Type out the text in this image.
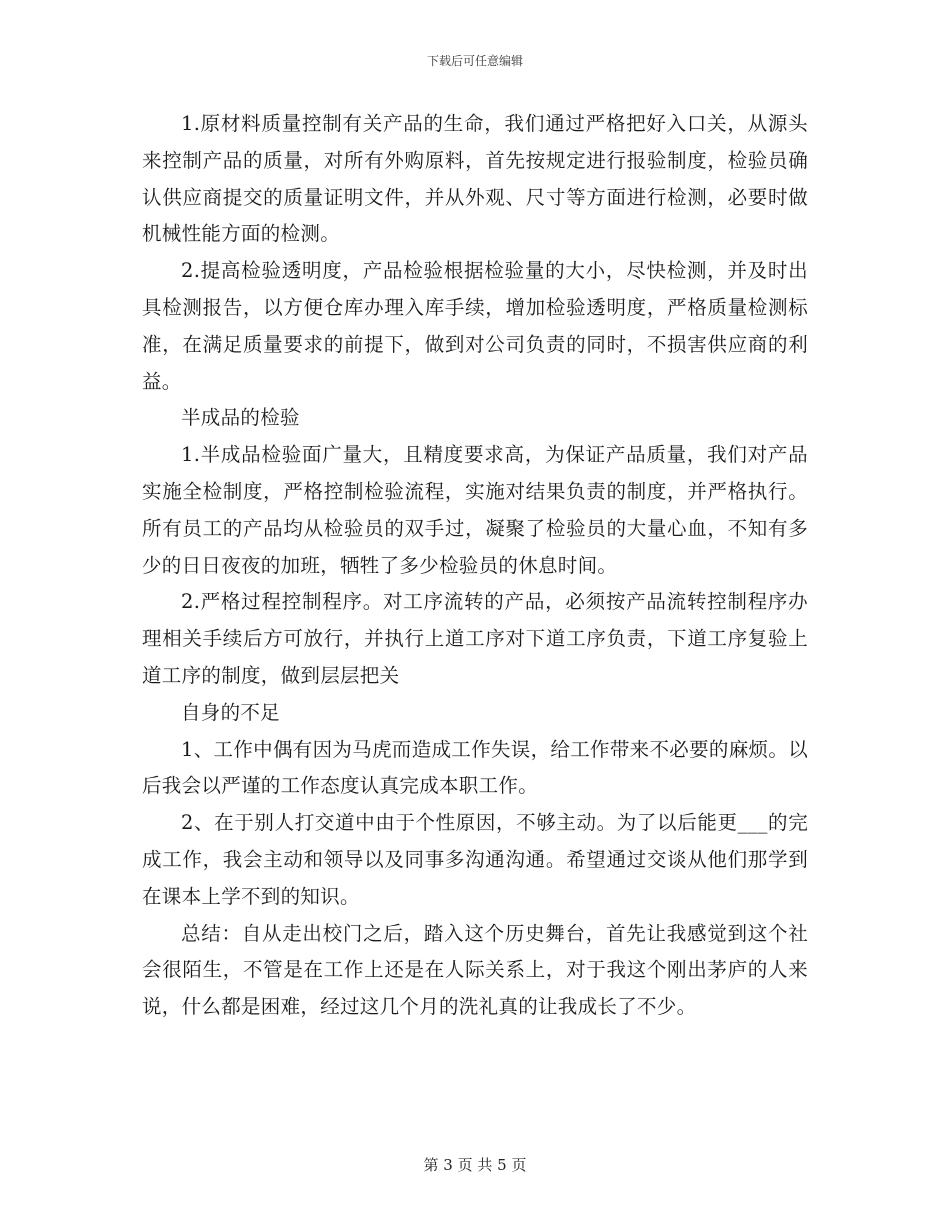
下载后可任意编辑

1.原材料质量控制有关产品的生命，我们通过严格把好入口关，从源头来控制产品的质量，对所有外购原料，首先按规定进行报验制度，检验员确认供应商提交的质量证明文件，并从外观、尺寸等方面进行检测，必要时做机械性能方面的检测。

2.提高检验透明度，产品检验根据检验量的大小，尽快检测，并及时出具检测报告，以方便仓库办理入库手续，增加检验透明度，严格质量检测标准，在满足质量要求的前提下，做到对公司负责的同时，不损害供应商的利益。

半成品的检验

1.半成品检验面广量大，且精度要求高，为保证产品质量，我们对产品实施全检制度，严格控制检验流程，实施对结果负责的制度，并严格执行。所有员工的产品均从检验员的双手过，凝聚了检验员的大量心血，不知有多少的日日夜夜的加班，牺牲了多少检验员的休息时间。

2.严格过程控制程序。对工序流转的产品，必须按产品流转控制程序办理相关手续后方可放行，并执行上道工序对下道工序负责，下道工序复验上道工序的制度，做到层层把关

自身的不足

1、工作中偶有因为马虎而造成工作失误，给工作带来不必要的麻烦。以后我会以严谨的工作态度认真完成本职工作。

2、在于别人打交道中由于个性原因，不够主动。为了以后能更___的完成工作，我会主动和领导以及同事多沟通沟通。希望通过交谈从他们那学到在课本上学不到的知识。

总结：自从走出校门之后，踏入这个历史舞台，首先让我感觉到这个社会很陌生，不管是在工作上还是在人际关系上，对于我这个刚出茅庐的人来说，什么都是困难，经过这几个月的洗礼真的让我成长了不少。

第 3 页 共 5 页
